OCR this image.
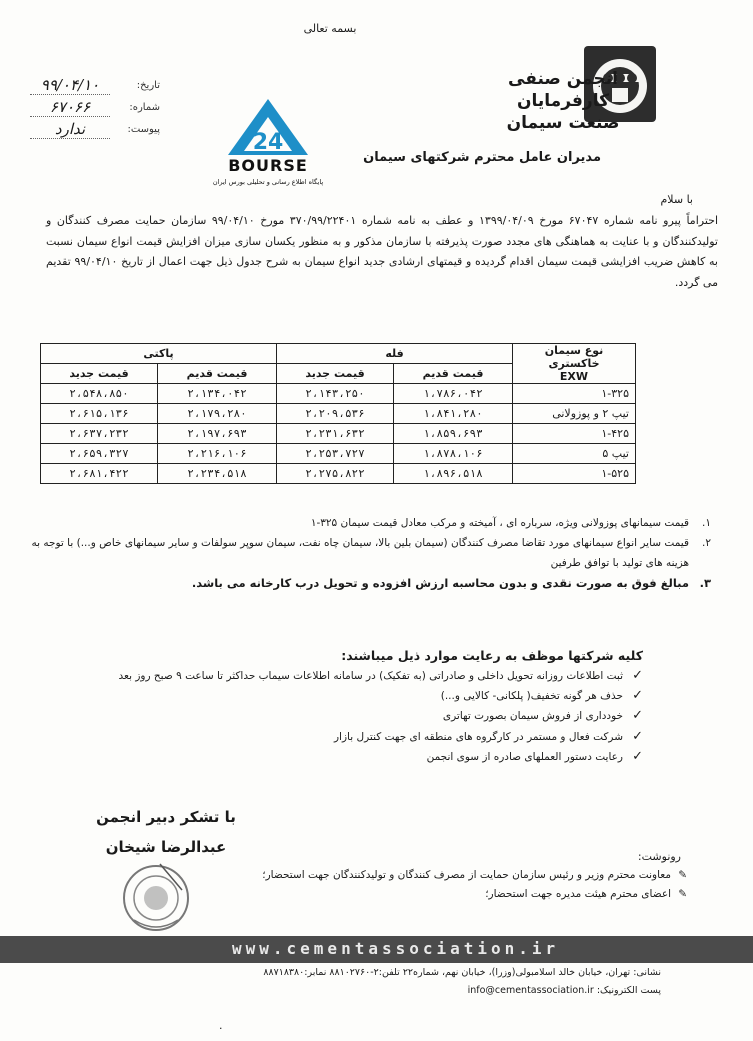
بسمه تعالی
انجمن صنفی
کارفرمایان
صنعت سیمان
تاریخ:
۹۹/۰۴/۱۰
شماره:
۶۷۰۶۶
پیوست:
ندارد
24
BOURSE
پایگاه اطلاع رسانی و تحلیلی بورس ایران
مدیران عامل محترم شرکتهای سیمان
با سلام
احتراماً پیرو نامه شماره ۶۷۰۴۷ مورخ ۱۳۹۹/۰۴/۰۹ و عطف به نامه شماره ۳۷۰/۹۹/۲۲۴۰۱ مورخ ۹۹/۰۴/۱۰ سازمان حمایت مصرف کنندگان و تولیدکنندگان و با عنایت به هماهنگی های مجدد صورت پذیرفته با سازمان مذکور و به منظور یکسان سازی میزان افزایش قیمت انواع سیمان نسبت به کاهش ضریب افزایشی قیمت سیمان اقدام گردیده و قیمتهای ارشادی جدید انواع سیمان به شرح جدول ذیل جهت اعمال از تاریخ ۹۹/۰۴/۱۰ تقدیم می گردد.
نوع سیمان خاکستری
EXW	فله		پاکتی	
	قیمت قدیم	قیمت جدید	قیمت قدیم	قیمت جدید
۱-۳۲۵	۱،۷۸۶،۰۴۲	۲،۱۴۳،۲۵۰	۲،۱۳۴،۰۴۲	۲،۵۴۸،۸۵۰
تیپ ۲ و پوزولانی	۱،۸۴۱،۲۸۰	۲،۲۰۹،۵۳۶	۲،۱۷۹،۲۸۰	۲،۶۱۵،۱۳۶
۱-۴۲۵	۱،۸۵۹،۶۹۳	۲،۲۳۱،۶۳۲	۲،۱۹۷،۶۹۳	۲،۶۳۷،۲۳۲
تیپ ۵	۱،۸۷۸،۱۰۶	۲،۲۵۳،۷۲۷	۲،۲۱۶،۱۰۶	۲،۶۵۹،۳۲۷
۱-۵۲۵	۱،۸۹۶،۵۱۸	۲،۲۷۵،۸۲۲	۲،۲۳۴،۵۱۸	۲،۶۸۱،۴۲۲
۱.
قیمت سیمانهای پوزولانی ویژه، سرباره ای ، آمیخته و مرکب معادل قیمت سیمان ۳۲۵-۱
۲.
قیمت سایر انواع سیمانهای مورد تقاضا مصرف کنندگان (سیمان بلین بالا، سیمان چاه نفت، سیمان سوپر سولفات و سایر سیمانهای خاص و...) با توجه به هزینه های تولید با توافق طرفین
۳.
مبالغ فوق به صورت نقدی و بدون محاسبه ارزش افزوده و تحویل درب کارخانه می باشد.
کلیه شرکتها موظف به رعایت موارد ذیل میباشند:
✓
ثبت اطلاعات روزانه تحویل داخلی و صادراتی (به تفکیک) در سامانه اطلاعات سیماب حداکثر تا ساعت ۹ صبح روز بعد
✓
حذف هر گونه تخفیف( پلکانی- کالایی و...)
✓
خودداری از فروش سیمان بصورت تهاتری
✓
شرکت فعال و مستمر در کارگروه های منطقه ای جهت کنترل بازار
✓
رعایت دستور العملهای صادره از سوی انجمن
با تشکر دبیر انجمن
عبدالرضا شیخان
رونوشت:
✎
معاونت محترم وزیر و رئیس سازمان حمایت از مصرف کنندگان و تولیدکنندگان جهت استحضار؛
✎
اعضای محترم هیئت مدیره جهت استحضار؛
www.cementassociation.ir
نشانی: تهران، خیابان خالد اسلامبولی(وزرا)، خیابان نهم، شماره۲۲ تلفن:۲-۸۸۱۰۲۷۶۰ نمابر:۸۸۷۱۸۳۸۰
پست الکترونیک: info@cementassociation.ir
.
